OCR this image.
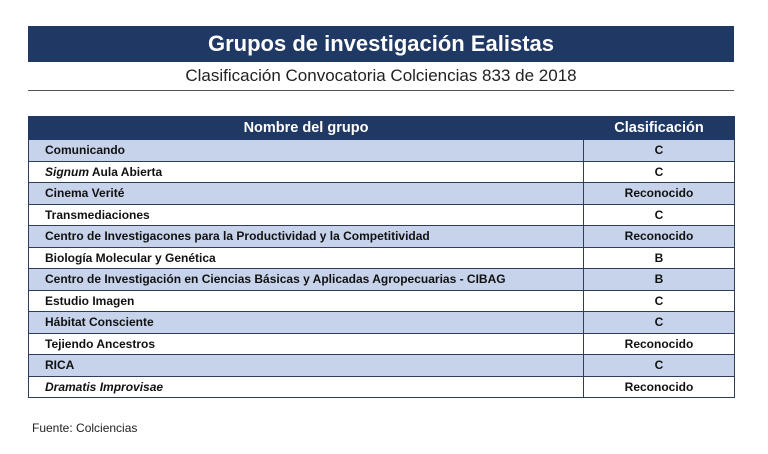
Grupos de investigación Ealistas
Clasificación Convocatoria Colciencias 833 de 2018
Nombre del grupo	Clasificación
Comunicando	C
Signum Aula Abierta	C
Cinema Verité	Reconocido
Transmediaciones	C
Centro de Investigacones para la Productividad y la Competitividad	Reconocido
Biología Molecular y Genética	B
Centro de Investigación en Ciencias Básicas y Aplicadas Agropecuarias - CIBAG	B
Estudio Imagen	C
Hábitat Consciente	C
Tejiendo Ancestros	Reconocido
RICA	C
Dramatis Improvisae	Reconocido
Fuente: Colciencias
